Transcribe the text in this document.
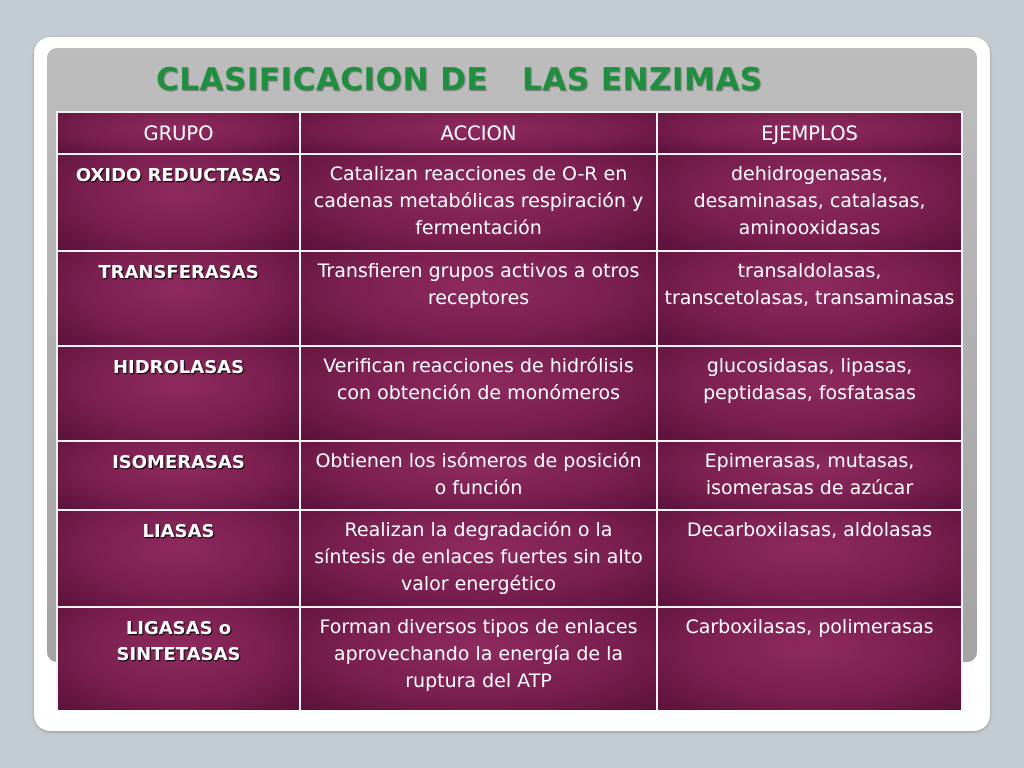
CLASIFICACION DE   LAS ENZIMAS
GRUPO	ACCION	EJEMPLOS
OXIDO REDUCTASAS	Catalizan reacciones de O-R en cadenas metabólicas respiración y fermentación	dehidrogenasas, desaminasas, catalasas, aminooxidasas
TRANSFERASAS	Transfieren grupos activos a otros receptores	transaldolasas, transcetolasas, transaminasas
HIDROLASAS	Verifican reacciones de hidrólisis con obtención de monómeros	glucosidasas, lipasas, peptidasas, fosfatasas
ISOMERASAS	Obtienen los isómeros de posición o función	Epimerasas, mutasas, isomerasas de azúcar
LIASAS	Realizan la degradación o la síntesis de enlaces fuertes sin alto valor energético	Decarboxilasas, aldolasas
LIGASAS o SINTETASAS	Forman diversos tipos de enlaces aprovechando la energía de la ruptura del ATP	Carboxilasas, polimerasas
